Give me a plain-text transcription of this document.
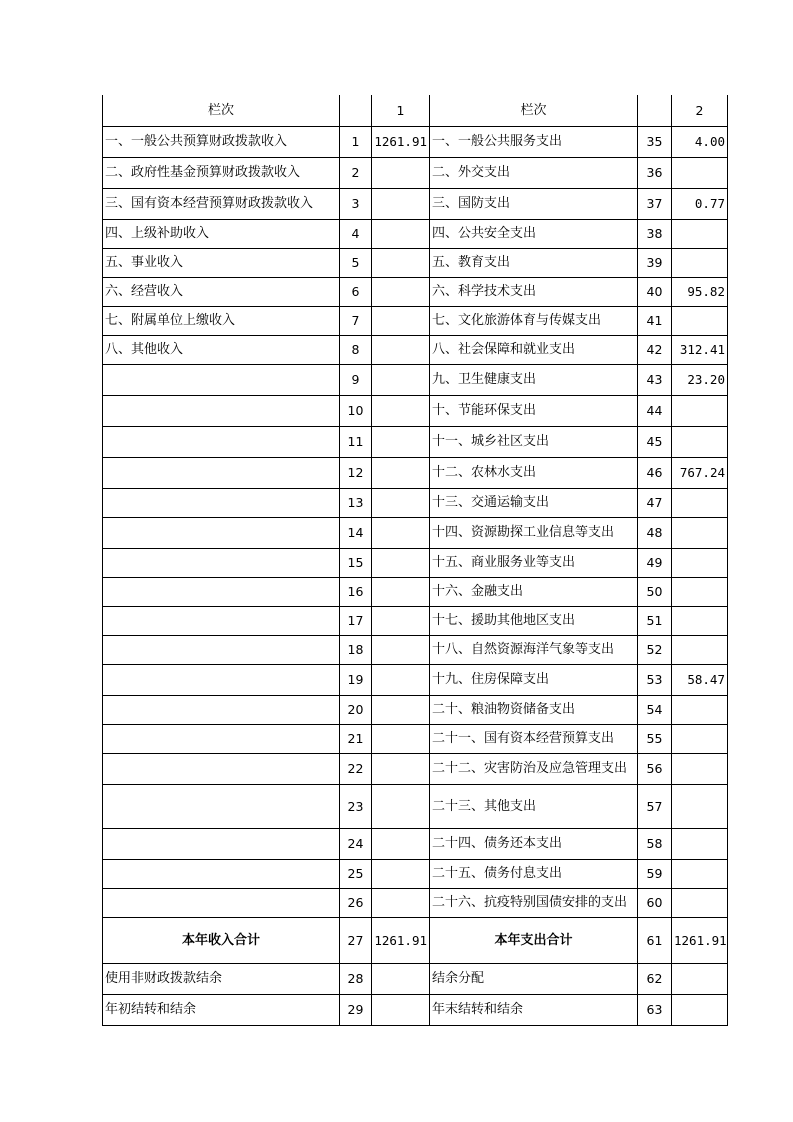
栏次		1	栏次		2
一、一般公共预算财政拨款收入	1	1261.91	一、一般公共服务支出	35	4.00
二、政府性基金预算财政拨款收入	2		二、外交支出	36	
三、国有资本经营预算财政拨款收入	3		三、国防支出	37	0.77
四、上级补助收入	4		四、公共安全支出	38	
五、事业收入	5		五、教育支出	39	
六、经营收入	6		六、科学技术支出	40	95.82
七、附属单位上缴收入	7		七、文化旅游体育与传媒支出	41	
八、其他收入	8		八、社会保障和就业支出	42	312.41
	9		九、卫生健康支出	43	23.20
	10		十、节能环保支出	44	
	11		十一、城乡社区支出	45	
	12		十二、农林水支出	46	767.24
	13		十三、交通运输支出	47	
	14		十四、资源勘探工业信息等支出	48	
	15		十五、商业服务业等支出	49	
	16		十六、金融支出	50	
	17		十七、援助其他地区支出	51	
	18		十八、自然资源海洋气象等支出	52	
	19		十九、住房保障支出	53	58.47
	20		二十、粮油物资储备支出	54	
	21		二十一、国有资本经营预算支出	55	
	22		二十二、灾害防治及应急管理支出	56	
	23		二十三、其他支出	57	
	24		二十四、债务还本支出	58	
	25		二十五、债务付息支出	59	
	26		二十六、抗疫特别国债安排的支出	60	
本年收入合计	27	1261.91	本年支出合计	61	1261.91
使用非财政拨款结余	28		结余分配	62	
年初结转和结余	29		年末结转和结余	63	
